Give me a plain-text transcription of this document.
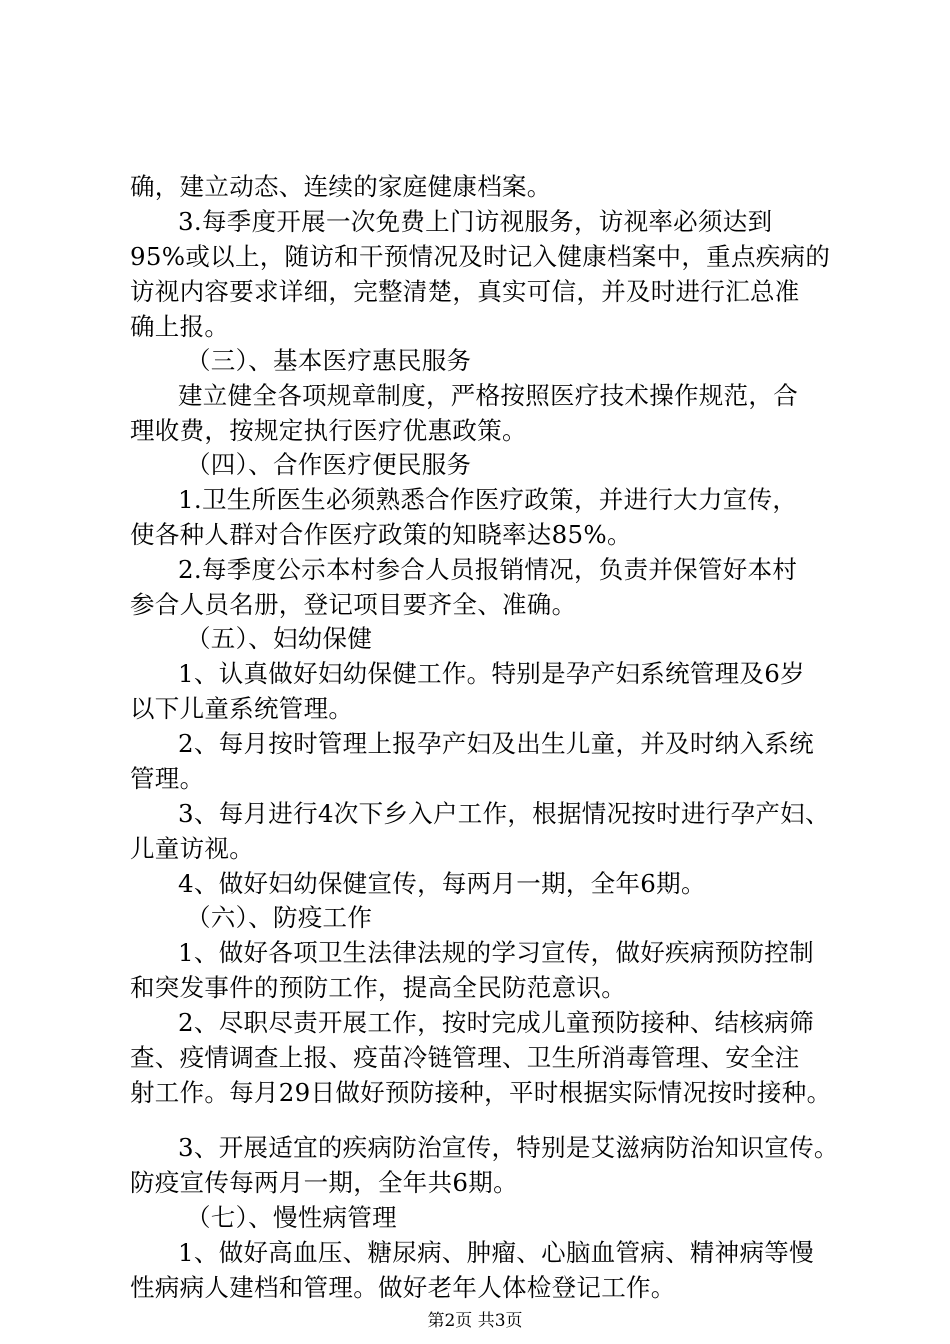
确，建立动态、连续的家庭健康档案。
3.每季度开展一次免费上门访视服务，访视率必须达到
95%或以上，随访和干预情况及时记入健康档案中，重点疾病的
访视内容要求详细，完整清楚，真实可信，并及时进行汇总准
确上报。
（三）、基本医疗惠民服务
建立健全各项规章制度，严格按照医疗技术操作规范，合
理收费，按规定执行医疗优惠政策。
（四）、合作医疗便民服务
1.卫生所医生必须熟悉合作医疗政策，并进行大力宣传，
使各种人群对合作医疗政策的知晓率达85%。
2.每季度公示本村参合人员报销情况，负责并保管好本村
参合人员名册，登记项目要齐全、准确。
（五）、妇幼保健
1、认真做好妇幼保健工作。特别是孕产妇系统管理及6岁
以下儿童系统管理。
2、每月按时管理上报孕产妇及出生儿童，并及时纳入系统
管理。
3、每月进行4次下乡入户工作，根据情况按时进行孕产妇、
儿童访视。
4、做好妇幼保健宣传，每两月一期，全年6期。
（六）、防疫工作
1、做好各项卫生法律法规的学习宣传，做好疾病预防控制
和突发事件的预防工作，提高全民防范意识。
2、尽职尽责开展工作，按时完成儿童预防接种、结核病筛
查、疫情调查上报、疫苗冷链管理、卫生所消毒管理、安全注
射工作。每月29日做好预防接种，平时根据实际情况按时接种。
3、开展适宜的疾病防治宣传，特别是艾滋病防治知识宣传。
防疫宣传每两月一期，全年共6期。
（七）、慢性病管理
1、做好高血压、糖尿病、肿瘤、心脑血管病、精神病等慢
性病病人建档和管理。做好老年人体检登记工作。
第2页 共3页
